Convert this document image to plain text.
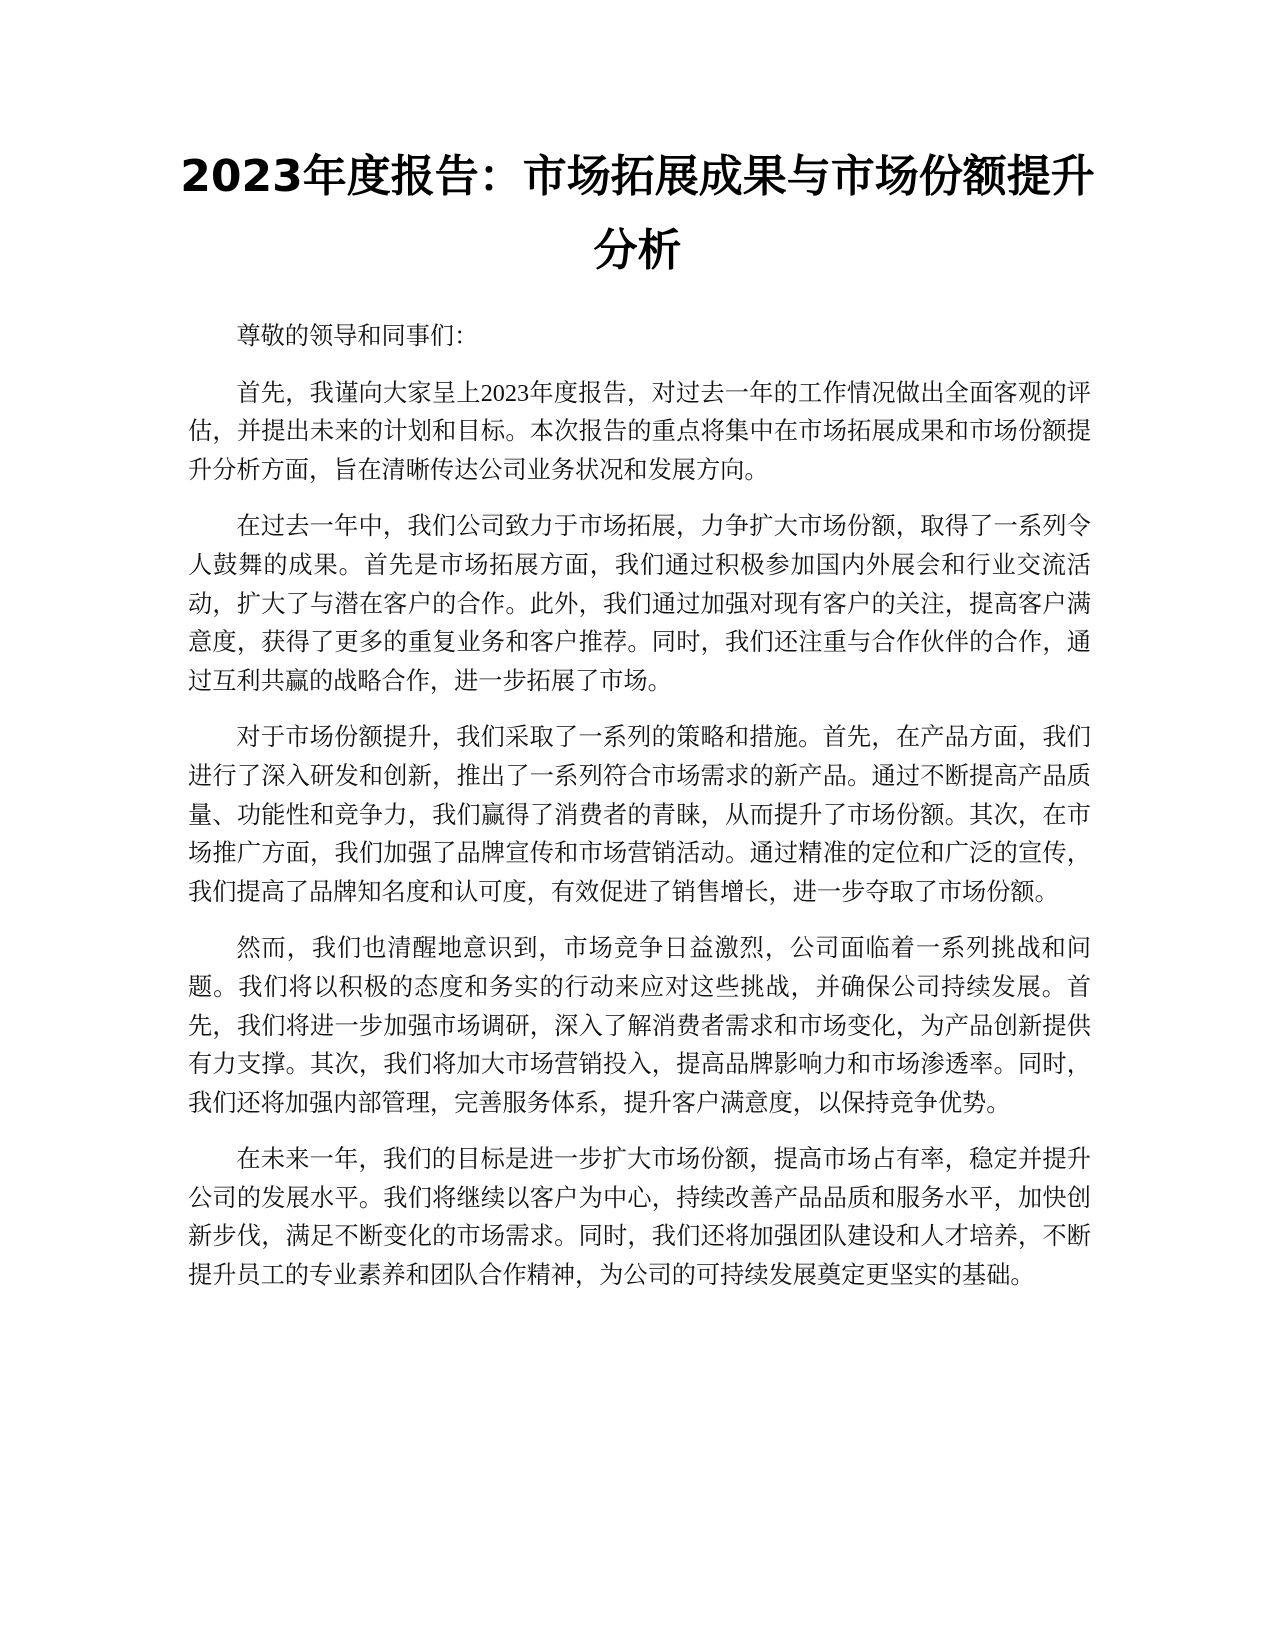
2023年度报告：市场拓展成果与市场份额提升分析

尊敬的领导和同事们：

首先，我谨向大家呈上2023年度报告，对过去一年的工作情况做出全面客观的评估，并提出未来的计划和目标。本次报告的重点将集中在市场拓展成果和市场份额提升分析方面，旨在清晰传达公司业务状况和发展方向。

在过去一年中，我们公司致力于市场拓展，力争扩大市场份额，取得了一系列令人鼓舞的成果。首先是市场拓展方面，我们通过积极参加国内外展会和行业交流活动，扩大了与潜在客户的合作。此外，我们通过加强对现有客户的关注，提高客户满意度，获得了更多的重复业务和客户推荐。同时，我们还注重与合作伙伴的合作，通过互利共赢的战略合作，进一步拓展了市场。

对于市场份额提升，我们采取了一系列的策略和措施。首先，在产品方面，我们进行了深入研发和创新，推出了一系列符合市场需求的新产品。通过不断提高产品质量、功能性和竞争力，我们赢得了消费者的青睐，从而提升了市场份额。其次，在市场推广方面，我们加强了品牌宣传和市场营销活动。通过精准的定位和广泛的宣传，我们提高了品牌知名度和认可度，有效促进了销售增长，进一步夺取了市场份额。

然而，我们也清醒地意识到，市场竞争日益激烈，公司面临着一系列挑战和问题。我们将以积极的态度和务实的行动来应对这些挑战，并确保公司持续发展。首先，我们将进一步加强市场调研，深入了解消费者需求和市场变化，为产品创新提供有力支撑。其次，我们将加大市场营销投入，提高品牌影响力和市场渗透率。同时，我们还将加强内部管理，完善服务体系，提升客户满意度，以保持竞争优势。

在未来一年，我们的目标是进一步扩大市场份额，提高市场占有率，稳定并提升公司的发展水平。我们将继续以客户为中心，持续改善产品品质和服务水平，加快创新步伐，满足不断变化的市场需求。同时，我们还将加强团队建设和人才培养，不断提升员工的专业素养和团队合作精神，为公司的可持续发展奠定更坚实的基础。
